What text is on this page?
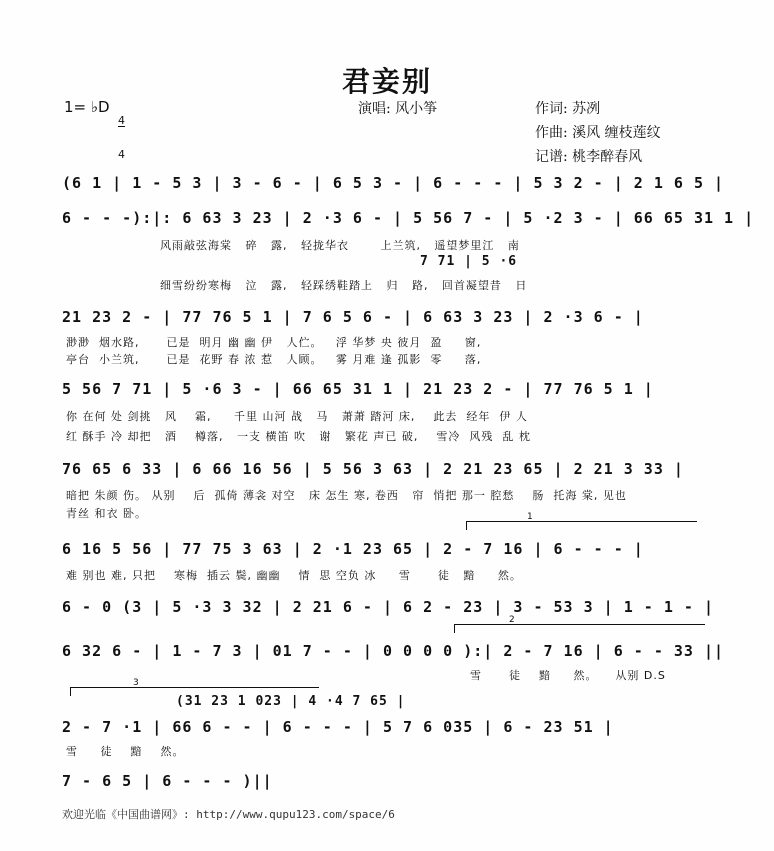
君妾别
1= ♭D

4

4

演唱: 风小筝	作词: 苏冽
作曲: 溪风 缠枝莲纹
记谱: 桃李醉春风
(6 1 | 1 - 5 3 | 3 - 6 - | 6 5 3 - | 6 - - - | 5 3 2 - | 2 1 6 5 |
6 - - -):|: 6 63 3 23 | 2 ·3 6 - | 5 56 7 - | 5 ·2 3 - | 66 65 31 1 |
风雨敲弦海棠   碎   露,   轻拢华衣       上兰筑,   遥望梦里江   南
7 71 | 5 ·6
细雪纷纷寒梅   泣   露,   轻踩绣鞋踏上   归   路,   回首凝望昔   日
21 23 2 - | 77 76 5 1 | 7 6 5 6 - | 6 63 3 23 | 2 ·3 6 - |
渺渺  烟水路,      已是  明月 幽 幽 伊   人伫。   浮 华梦 央 彼月  盈     窗,
亭台  小兰筑,      已是  花野 春 浓 惹   人顾。   雾 月难 逢 孤影  零     落,
5 56 7 71 | 5 ·6 3 - | 66 65 31 1 | 21 23 2 - | 77 76 5 1 |
你 在何 处 剑挑   风    霜,     千里 山河 战   马   萧萧 踏河 床,    此去  经年  伊 人
红 酥手 冷 却把   酒    樽落,   一支 横笛 吹   谢   繁花 声已 破,    雪冷  风残  乱 枕
76 65 6 33 | 6 66 16 56 | 5 56 3 63 | 2 21 23 65 | 2 21 3 33 |
暗把 朱颜 伤。 从别    后  孤倚 薄衾 对空   床 怎生 寒, 卷西   帘  悄把 那一 腔愁    肠  托海 棠, 见也
青丝 和衣 卧。

	1

6 16 5 56 | 77 75 3 63 | 2 ·1 23 65 | 2 - 7 16 | 6 - - - |
难 别也 难, 只把    寒梅  插云 鬓, 幽幽    情  思 空负 冰     雪      徒   黯     然。
6 - 0 (3 | 5 ·3 3 32 | 2 21 6 - | 6 2 - 23 | 3 - 53 3 | 1 - 1 - |

2

6 32 6 - | 1 - 7 3 | 01 7 - - | 0 0 0 0 ):| 2 - 7 16 | 6 - - 33 ||
雪      徒    黯     然。    从别 D.S

3

(31 23 1 023 | 4 ·4 7 65 |
2 - 7 ·1 | 66 6 - - | 6 - - - | 5 7 6 035 | 6 - 23 51 |
雪     徒    黯    然。
7 - 6 5 | 6 - - - )||
欢迎光临《中国曲谱网》: http://www.qupu123.com/space/6
